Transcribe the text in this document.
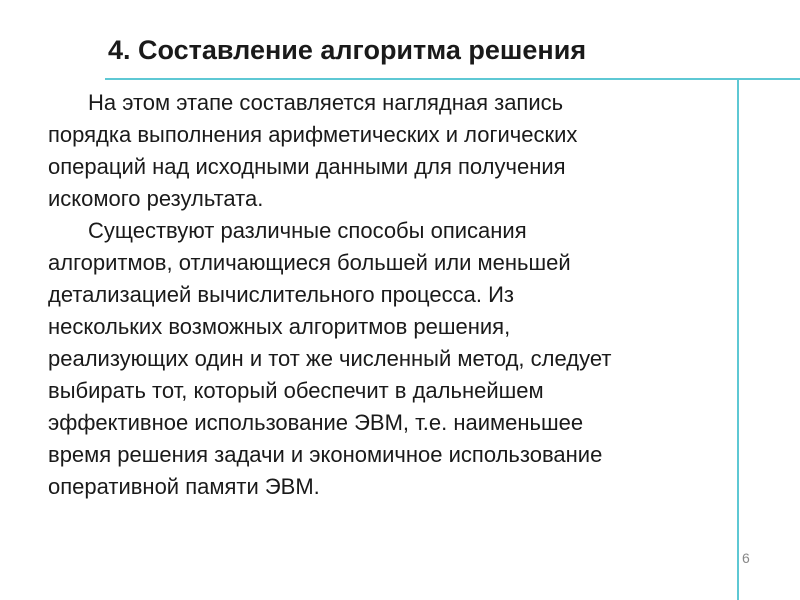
4. Составление алгоритма решения
На этом этапе составляется наглядная запись
порядка выполнения арифметических и логических
операций над исходными данными для получения
искомого результата.
Существуют различные способы описания
алгоритмов, отличающиеся большей или меньшей
детализацией вычислительного процесса. Из
нескольких возможных алгоритмов решения,
реализующих один и тот же численный метод, следует
выбирать тот, который обеспечит в дальнейшем
эффективное использование ЭВМ, т.е. наименьшее
время решения задачи и экономичное использование
оперативной памяти ЭВМ.
6
